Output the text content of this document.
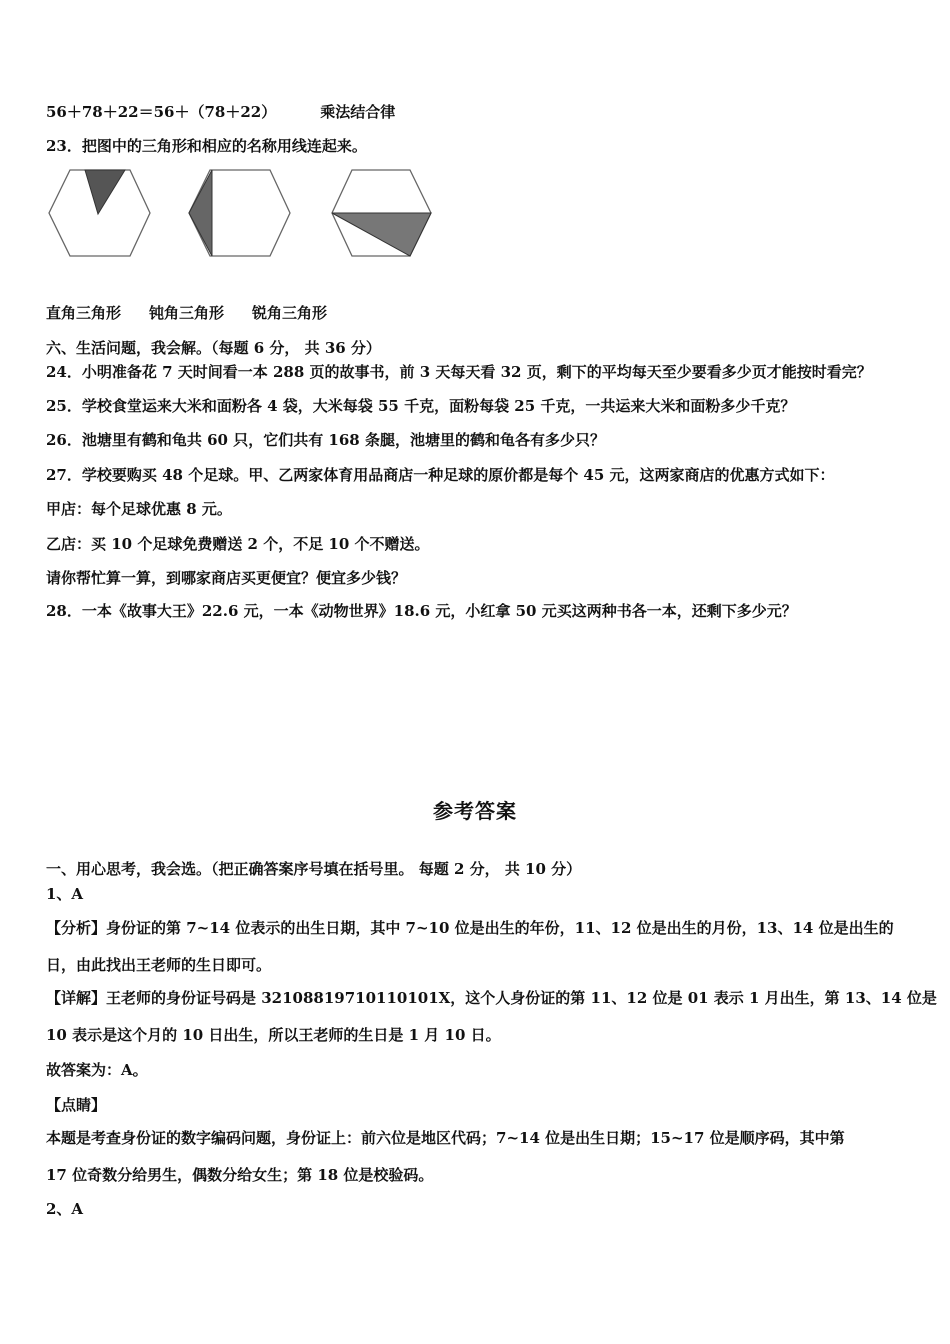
56＋78＋22＝56＋（78＋22）	乘法结合律
23．把图中的三角形和相应的名称用线连起来。
直角三角形 钝角三角形 锐角三角形
六、生活问题，我会解。（每题 6 分， 共 36 分）
24．小明准备花 7 天时间看一本 288 页的故事书，前 3 天每天看 32 页，剩下的平均每天至少要看多少页才能按时看完？
25．学校食堂运来大米和面粉各 4 袋，大米每袋 55 千克，面粉每袋 25 千克，一共运来大米和面粉多少千克？
26．池塘里有鹤和龟共 60 只，它们共有 168 条腿，池塘里的鹤和龟各有多少只？
27．学校要购买 48 个足球。甲、乙两家体育用品商店一种足球的原价都是每个 45 元，这两家商店的优惠方式如下：
甲店：每个足球优惠 8 元。
乙店：买 10 个足球免费赠送 2 个，不足 10 个不赠送。
请你帮忙算一算，到哪家商店买更便宜？便宜多少钱？
28．一本《故事大王》22.6 元，一本《动物世界》18.6 元，小红拿 50 元买这两种书各一本，还剩下多少元？
参考答案
一、用心思考，我会选。（把正确答案序号填在括号里。 每题 2 分， 共 10 分）
1、A
【分析】身份证的第 7~14 位表示的出生日期，其中 7~10 位是出生的年份，11、12 位是出生的月份，13、14 位是出生的
日，由此找出王老师的生日即可。
【详解】王老师的身份证号码是 32108819710110101X，这个人身份证的第 11、12 位是 01 表示 1 月出生，第 13、14 位是
10 表示是这个月的 10 日出生，所以王老师的生日是 1 月 10 日。
故答案为：A。
【点睛】
本题是考查身份证的数字编码问题，身份证上：前六位是地区代码；7~14 位是出生日期；15~17 位是顺序码，其中第
17 位奇数分给男生，偶数分给女生；第 18 位是校验码。
2、A
